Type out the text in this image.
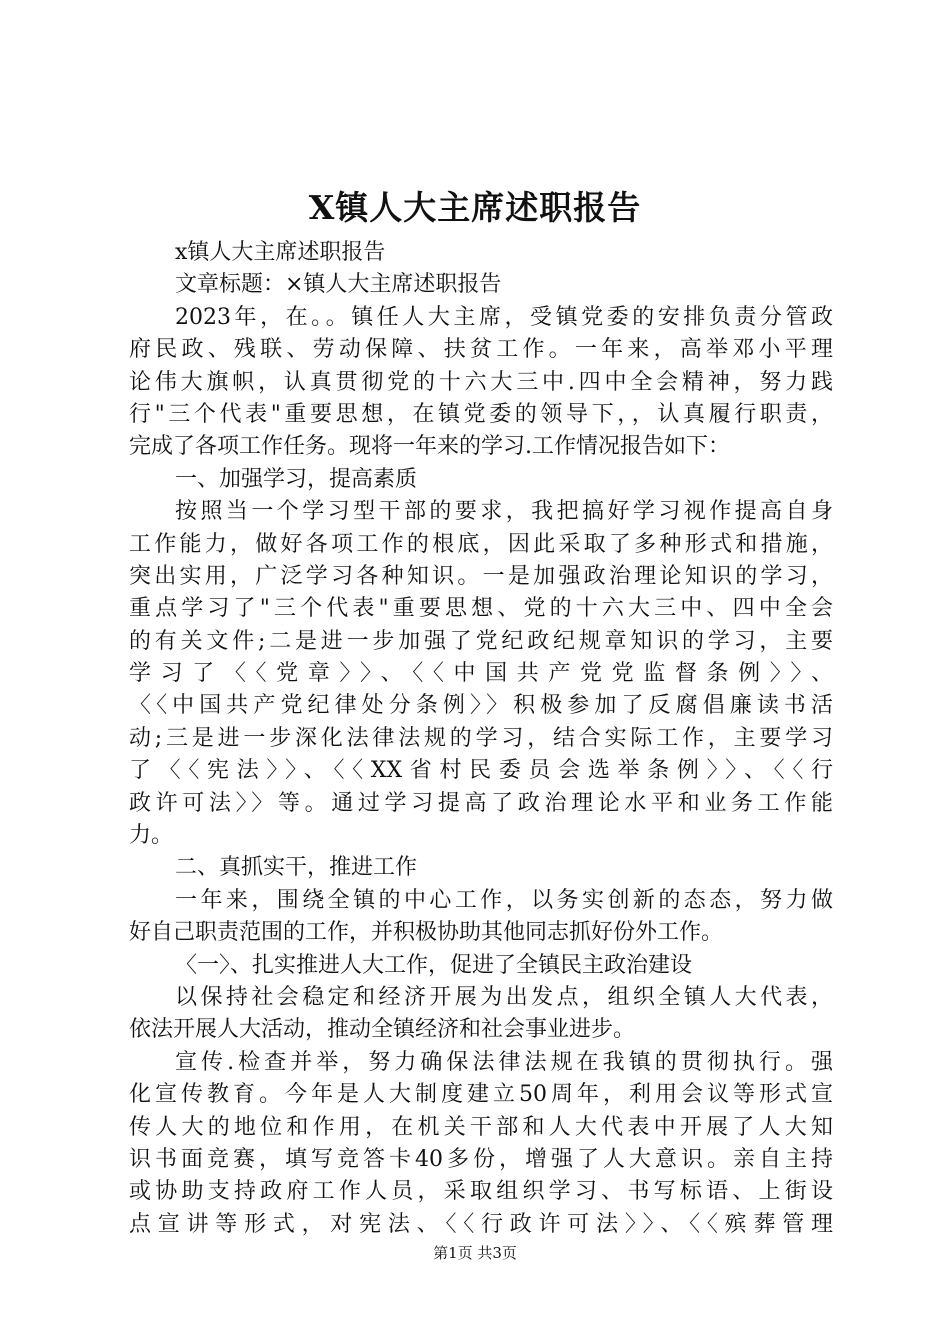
X镇人大主席述职报告
x镇人大主席述职报告
文章标题：×镇人大主席述职报告
2023年，在。。镇任人大主席，受镇党委的安排负责分管政
府民政、残联、劳动保障、扶贫工作。一年来，高举邓小平理
论伟大旗帜，认真贯彻党的十六大三中.四中全会精神，努力践
行"三个代表"重要思想，在镇党委的领导下，，认真履行职责，
完成了各项工作任务。现将一年来的学习.工作情况报告如下：
一、加强学习，提高素质
按照当一个学习型干部的要求，我把搞好学习视作提高自身
工作能力，做好各项工作的根底，因此采取了多种形式和措施，
突出实用，广泛学习各种知识。一是加强政治理论知识的学习，
重点学习了"三个代表"重要思想、党的十六大三中、四中全会
的有关文件;二是进一步加强了党纪政纪规章知识的学习，主要
学习了〈〈党章〉〉、〈〈中国共产党党监督条例〉〉、
〈〈中国共产党纪律处分条例〉〉积极参加了反腐倡廉读书活
动;三是进一步深化法律法规的学习，结合实际工作，主要学习
了〈〈宪法〉〉、〈〈XX省村民委员会选举条例〉〉、〈〈行
政许可法〉〉等。通过学习提高了政治理论水平和业务工作能
力。
二、真抓实干，推进工作
一年来，围绕全镇的中心工作，以务实创新的态态，努力做
好自己职责范围的工作，并积极协助其他同志抓好份外工作。
〈一〉、扎实推进人大工作，促进了全镇民主政治建设
以保持社会稳定和经济开展为出发点，组织全镇人大代表，
依法开展人大活动，推动全镇经济和社会事业进步。
宣传.检查并举，努力确保法律法规在我镇的贯彻执行。强
化宣传教育。今年是人大制度建立50周年，利用会议等形式宣
传人大的地位和作用，在机关干部和人大代表中开展了人大知
识书面竞赛，填写竞答卡40多份，增强了人大意识。亲自主持
或协助支持政府工作人员，采取组织学习、书写标语、上街设
点宣讲等形式，对宪法、〈〈行政许可法〉〉、〈〈殡葬管理
第1页 共3页
